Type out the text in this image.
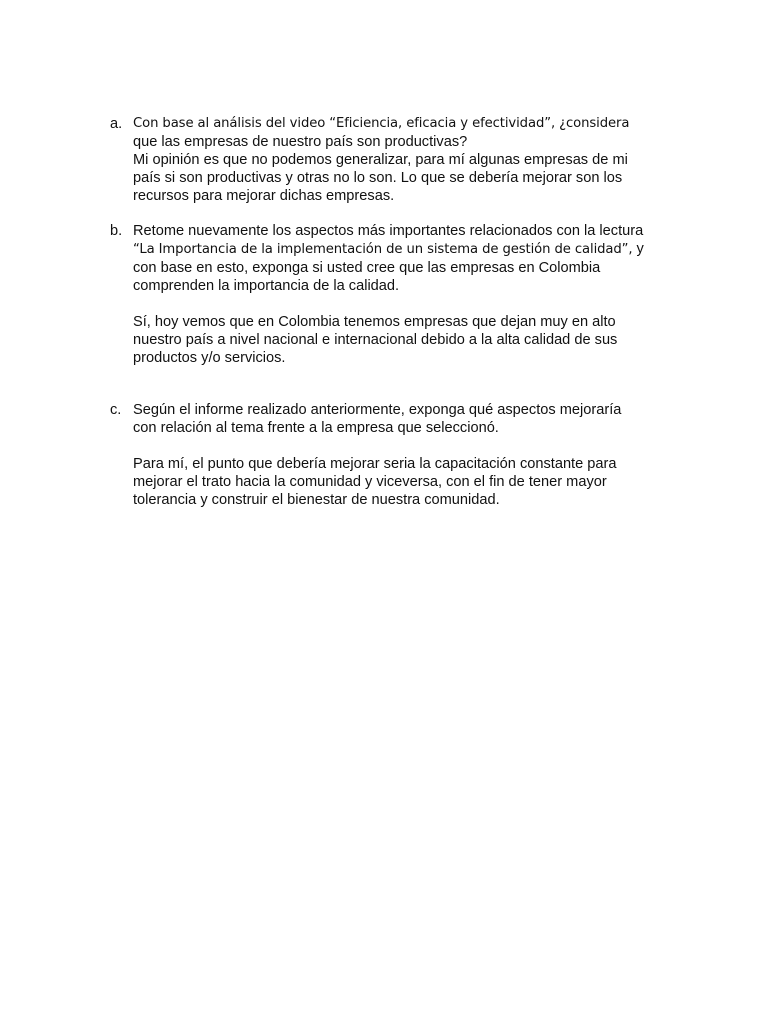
a. Con base al análisis del video “Eficiencia, eficacia y efectividad”, ¿considera
que las empresas de nuestro país son productivas?
Mi opinión es que no podemos generalizar, para mí algunas empresas de mi
país si son productivas y otras no lo son. Lo que se debería mejorar son los
recursos para mejorar dichas empresas.
b. Retome nuevamente los aspectos más importantes relacionados con la lectura
“La Importancia de la implementación de un sistema de gestión de calidad”, y
con base en esto, exponga si usted cree que las empresas en Colombia
comprenden la importancia de la calidad.
Sí, hoy vemos que en Colombia tenemos empresas que dejan muy en alto
nuestro país a nivel nacional e internacional debido a la alta calidad de sus
productos y/o servicios.
c. Según el informe realizado anteriormente, exponga qué aspectos mejoraría
con relación al tema frente a la empresa que seleccionó.
Para mí, el punto que debería mejorar seria la capacitación constante para
mejorar el trato hacia la comunidad y viceversa, con el fin de tener mayor
tolerancia y construir el bienestar de nuestra comunidad.
